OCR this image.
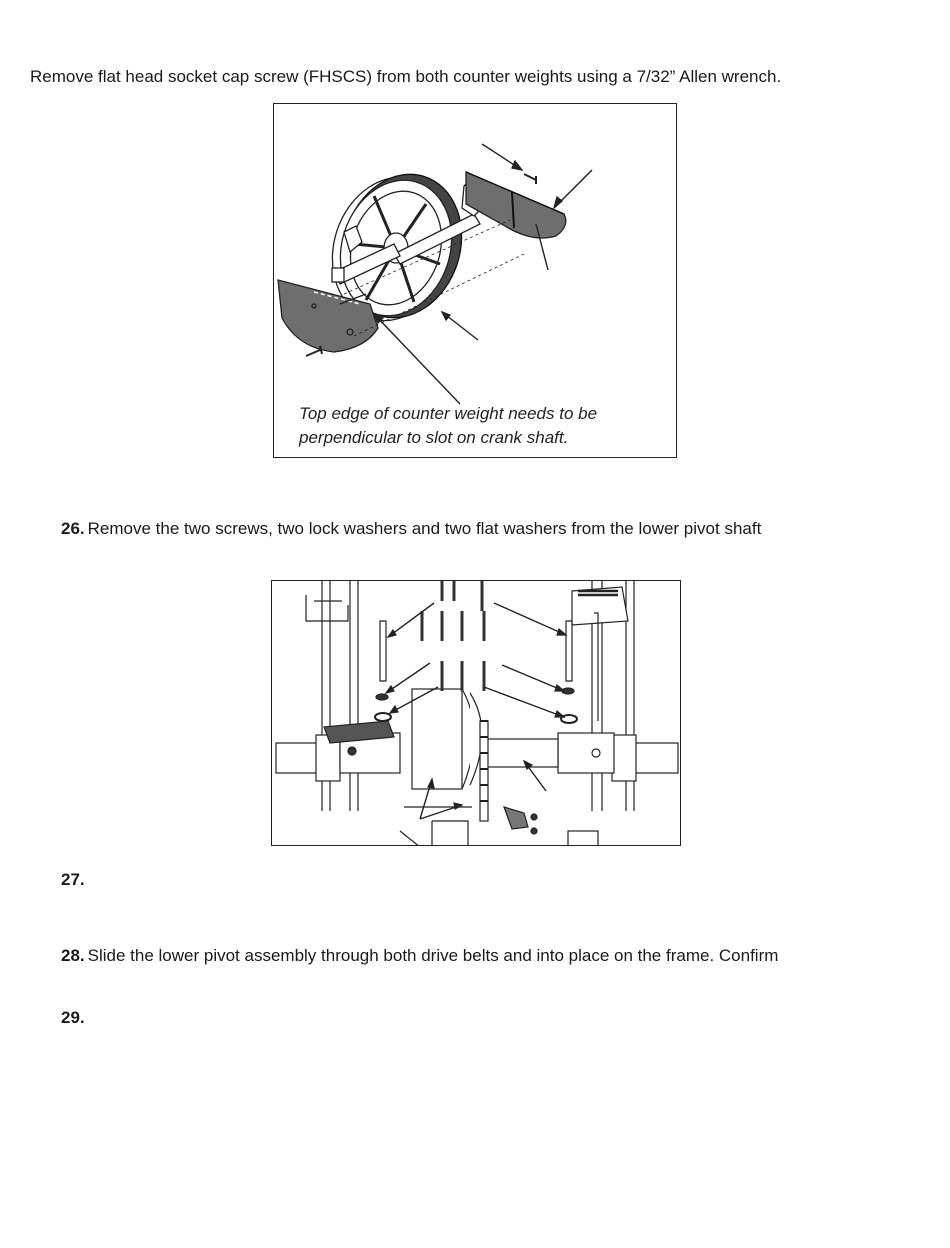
Remove flat head socket cap screw (FHSCS) from both counter weights using a 7/32” Allen wrench.
Top edge of counter weight needs to be
perpendicular to slot on crank shaft.
26. Remove the two screws, two lock washers and two flat washers from the lower pivot shaft
27.
28. Slide the lower pivot assembly through both drive belts and into place on the frame. Confirm
29.
